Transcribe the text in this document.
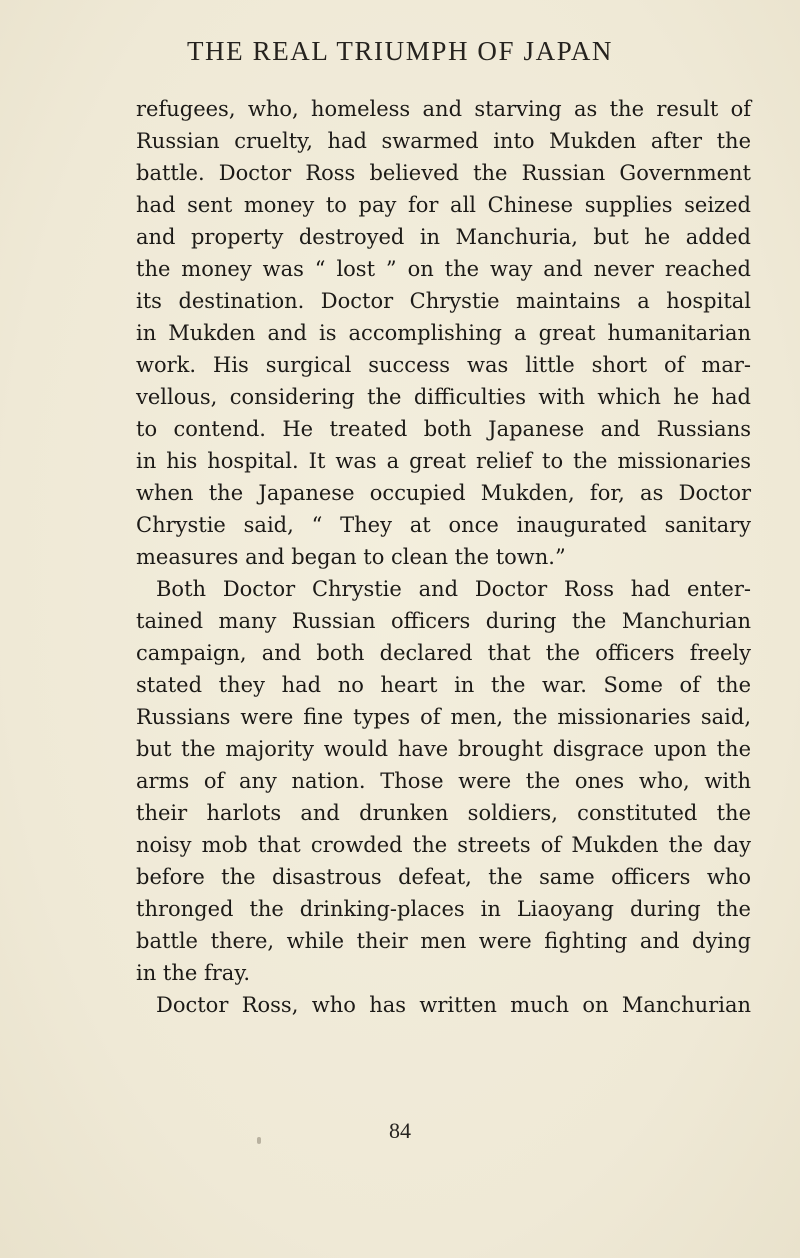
THE REAL TRIUMPH OF JAPAN
refugees, who, homeless and starving as the result of
Russian cruelty, had swarmed into Mukden after the
battle. Doctor Ross believed the Russian Government
had sent money to pay for all Chinese supplies seized
and property destroyed in Manchuria, but he added
the money was “ lost ” on the way and never reached
its destination. Doctor Chrystie maintains a hospital
in Mukden and is accomplishing a great humanitarian
work. His surgical success was little short of mar-
vellous, considering the difficulties with which he had
to contend. He treated both Japanese and Russians
in his hospital. It was a great relief to the missionaries
when the Japanese occupied Mukden, for, as Doctor
Chrystie said, “ They at once inaugurated sanitary
measures and began to clean the town.”
Both Doctor Chrystie and Doctor Ross had enter-
tained many Russian officers during the Manchurian
campaign, and both declared that the officers freely
stated they had no heart in the war. Some of the
Russians were fine types of men, the missionaries said,
but the majority would have brought disgrace upon the
arms of any nation. Those were the ones who, with
their harlots and drunken soldiers, constituted the
noisy mob that crowded the streets of Mukden the day
before the disastrous defeat, the same officers who
thronged the drinking-places in Liaoyang during the
battle there, while their men were fighting and dying
in the fray.
Doctor Ross, who has written much on Manchurian
84
